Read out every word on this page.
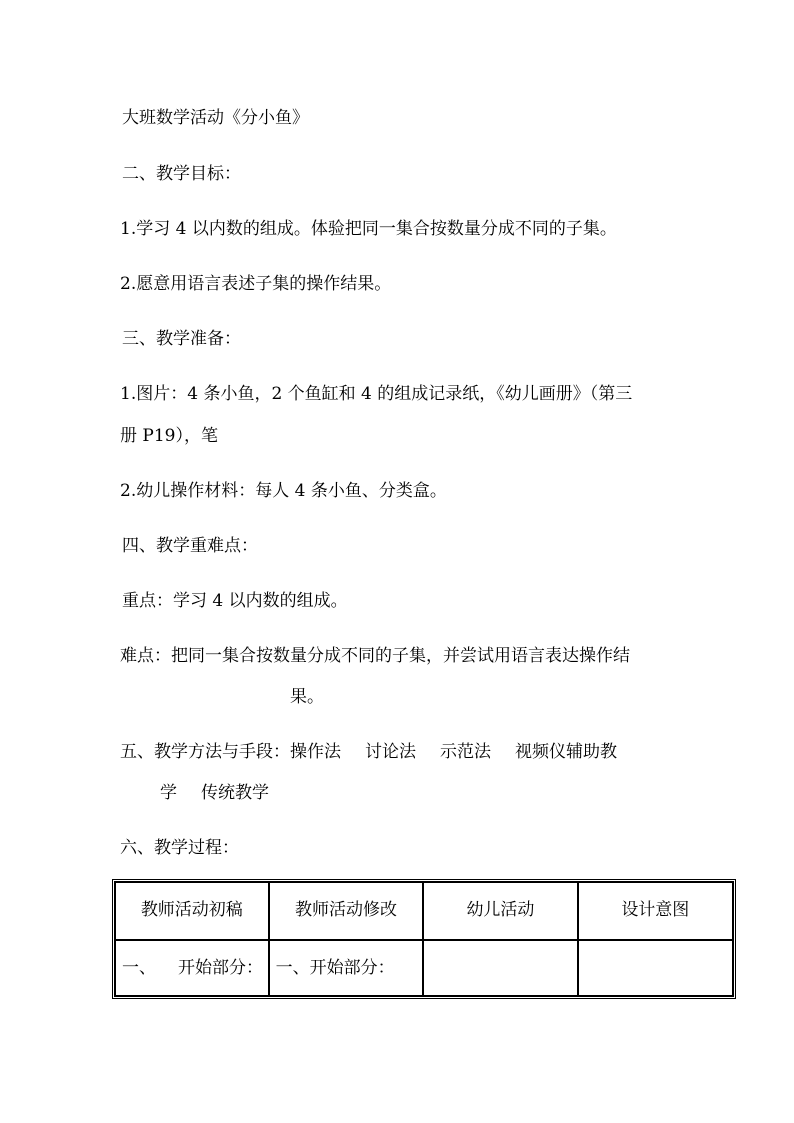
大班数学活动《分小鱼》

二、教学目标：

1.学习 4 以内数的组成。体验把同一集合按数量分成不同的子集。

2.愿意用语言表述子集的操作结果。

三、教学准备：

1.图片：4 条小鱼，2 个鱼缸和 4 的组成记录纸，《幼儿画册》（第三

册 P19），笔

2.幼儿操作材料：每人 4 条小鱼、分类盒。

四、教学重难点：

重点：学习 4 以内数的组成。

难点：把同一集合按数量分成不同的子集，并尝试用语言表达操作结

果。

五、教学方法与手段：操作法 讨论法 示范法 视频仪辅助教

学 传统教学

六、教学过程：

教师活动初稿	教师活动修改	幼儿活动	设计意图
一、 开始部分：	一、开始部分：		
